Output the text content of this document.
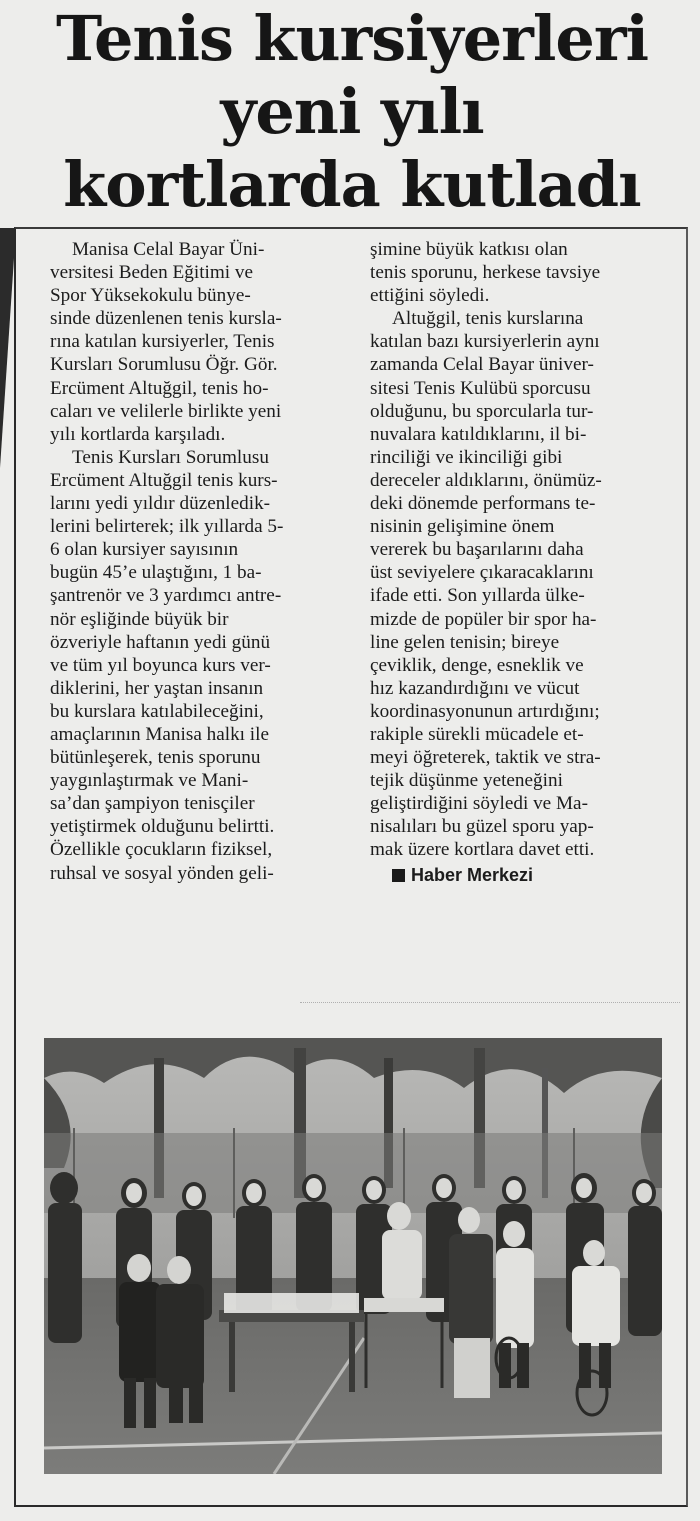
Tenis kursiyerleri
yeni yılı
kortlarda kutladı
Manisa Celal Bayar Üni-
versitesi Beden Eğitimi ve
Spor Yüksekokulu bünye-
sinde düzenlenen tenis kursla-
rına katılan kursiyerler, Tenis
Kursları Sorumlusu Öğr. Gör.
Ercüment Altuğgil, tenis ho-
caları ve velilerle birlikte yeni
yılı kortlarda karşıladı.
Tenis Kursları Sorumlusu
Ercüment Altuğgil tenis kurs-
larını yedi yıldır düzenledik-
lerini belirterek; ilk yıllarda 5-
6 olan kursiyer sayısının
bugün 45’e ulaştığını, 1 ba-
şantrenör ve 3 yardımcı antre-
nör eşliğinde büyük bir
özveriyle haftanın yedi günü
ve tüm yıl boyunca kurs ver-
diklerini, her yaştan insanın
bu kurslara katılabileceğini,
amaçlarının Manisa halkı ile
bütünleşerek, tenis sporunu
yaygınlaştırmak ve Mani-
sa’dan şampiyon tenisçiler
yetiştirmek olduğunu belirtti.
Özellikle çocukların fiziksel,
ruhsal ve sosyal yönden geli-
şimine büyük katkısı olan
tenis sporunu, herkese tavsiye
ettiğini söyledi.
Altuğgil, tenis kurslarına
katılan bazı kursiyerlerin aynı
zamanda Celal Bayar üniver-
sitesi Tenis Kulübü sporcusu
olduğunu, bu sporcularla tur-
nuvalara katıldıklarını, il bi-
rinciliği ve ikinciliği gibi
dereceler aldıklarını, önümüz-
deki dönemde performans te-
nisinin gelişimine önem
vererek bu başarılarını daha
üst seviyelere çıkaracaklarını
ifade etti. Son yıllarda ülke-
mizde de popüler bir spor ha-
line gelen tenisin; bireye
çeviklik, denge, esneklik ve
hız kazandırdığını ve vücut
koordinasyonunun artırdığını;
rakiple sürekli mücadele et-
meyi öğreterek, taktik ve stra-
tejik düşünme yeteneğini
geliştirdiğini söyledi ve Ma-
nisalıları bu güzel sporu yap-
mak üzere kortlara davet etti.
Haber Merkezi
